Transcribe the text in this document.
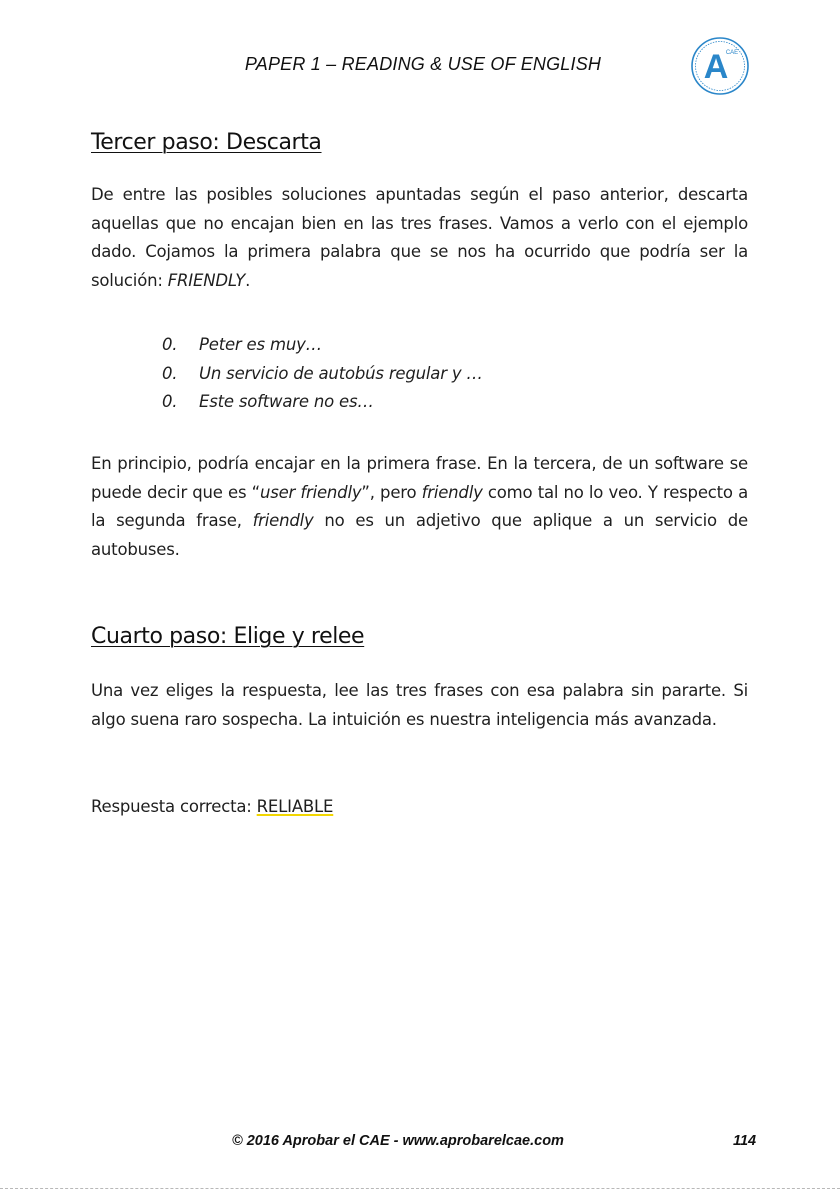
PAPER 1 – READING & USE OF ENGLISH	A
CAE
Tercer paso: Descarta
De entre las posibles soluciones apuntadas según el paso anterior, descarta aquellas que no encajan bien en las tres frases. Vamos a verlo con el ejemplo dado. Cojamos la primera palabra que se nos ha ocurrido que podría ser la solución: FRIENDLY.
0.	Peter es muy…
0.	Un servicio de autobús regular y …
0.	Este software no es…
En principio, podría encajar en la primera frase. En la tercera, de un software se puede decir que es “user friendly”, pero friendly como tal no lo veo. Y respecto a la segunda frase, friendly no es un adjetivo que aplique a un servicio de autobuses.
Cuarto paso: Elige y relee
Una vez eliges la respuesta, lee las tres frases con esa palabra sin pararte. Si algo suena raro sospecha. La intuición es nuestra inteligencia más avanzada.
Respuesta correcta: RELIABLE
© 2016 Aprobar el CAE - www.aprobarelcae.com	114
